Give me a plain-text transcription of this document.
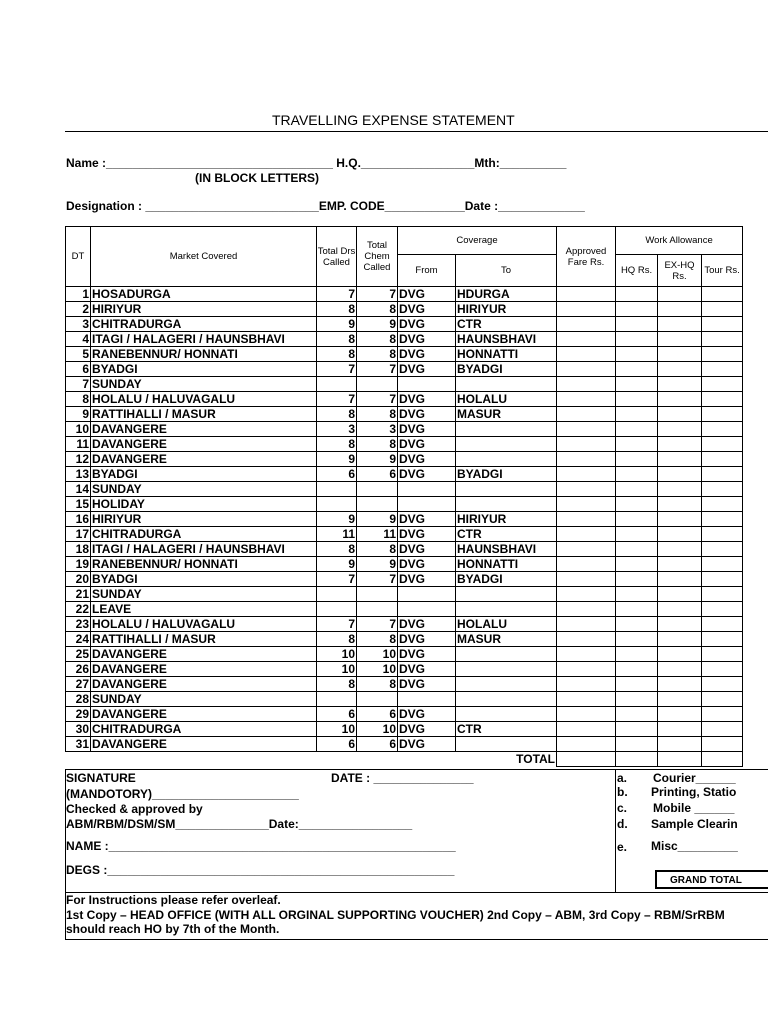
TRAVELLING EXPENSE STATEMENT
Name :__________________________________ H.Q._________________Mth:__________
(IN BLOCK LETTERS)
Designation : __________________________EMP. CODE____________Date :_____________
DT	Market Covered	Total Drs Called	Total Chem Called	Coverage		Approved Fare Rs.	Work Allowance		
				From	To		HQ Rs.	EX-HQ Rs.	Tour Rs.
1	HOSADURGA	7	7	DVG	HDURGA				
2	HIRIYUR	8	8	DVG	HIRIYUR				
3	CHITRADURGA	9	9	DVG	CTR				
4	ITAGI / HALAGERI / HAUNSBHAVI	8	8	DVG	HAUNSBHAVI				
5	RANEBENNUR/ HONNATI	8	8	DVG	HONNATTI				
6	BYADGI	7	7	DVG	BYADGI				
7	SUNDAY								
8	HOLALU / HALUVAGALU	7	7	DVG	HOLALU				
9	RATTIHALLI / MASUR	8	8	DVG	MASUR				
10	DAVANGERE	3	3	DVG					
11	DAVANGERE	8	8	DVG					
12	DAVANGERE	9	9	DVG					
13	BYADGI	6	6	DVG	BYADGI				
14	SUNDAY								
15	HOLIDAY								
16	HIRIYUR	9	9	DVG	HIRIYUR				
17	CHITRADURGA	11	11	DVG	CTR				
18	ITAGI / HALAGERI / HAUNSBHAVI	8	8	DVG	HAUNSBHAVI				
19	RANEBENNUR/ HONNATI	9	9	DVG	HONNATTI				
20	BYADGI	7	7	DVG	BYADGI				
21	SUNDAY								
22	LEAVE								
23	HOLALU / HALUVAGALU	7	7	DVG	HOLALU				
24	RATTIHALLI / MASUR	8	8	DVG	MASUR				
25	DAVANGERE	10	10	DVG					
26	DAVANGERE	10	10	DVG					
27	DAVANGERE	8	8	DVG					
28	SUNDAY								
29	DAVANGERE	6	6	DVG					
30	CHITRADURGA	10	10	DVG	CTR				
31	DAVANGERE	6	6	DVG					
TOTAL									
SIGNATURE	DATE : _______________
(MANDOTORY)______________________
Checked & approved by
ABM/RBM/DSM/SM______________Date:_________________
NAME :____________________________________________________
DEGS :____________________________________________________
a. Courier______
b. Printing, Statio
c. Mobile ______
d. Sample Clearin
e. Misc_________
GRAND TOTAL
For Instructions please refer overleaf.
1st Copy – HEAD OFFICE (WITH ALL ORGINAL SUPPORTING VOUCHER) 2nd Copy – ABM, 3rd Copy – RBM/SrRBM
should reach HO by 7th of the Month.
